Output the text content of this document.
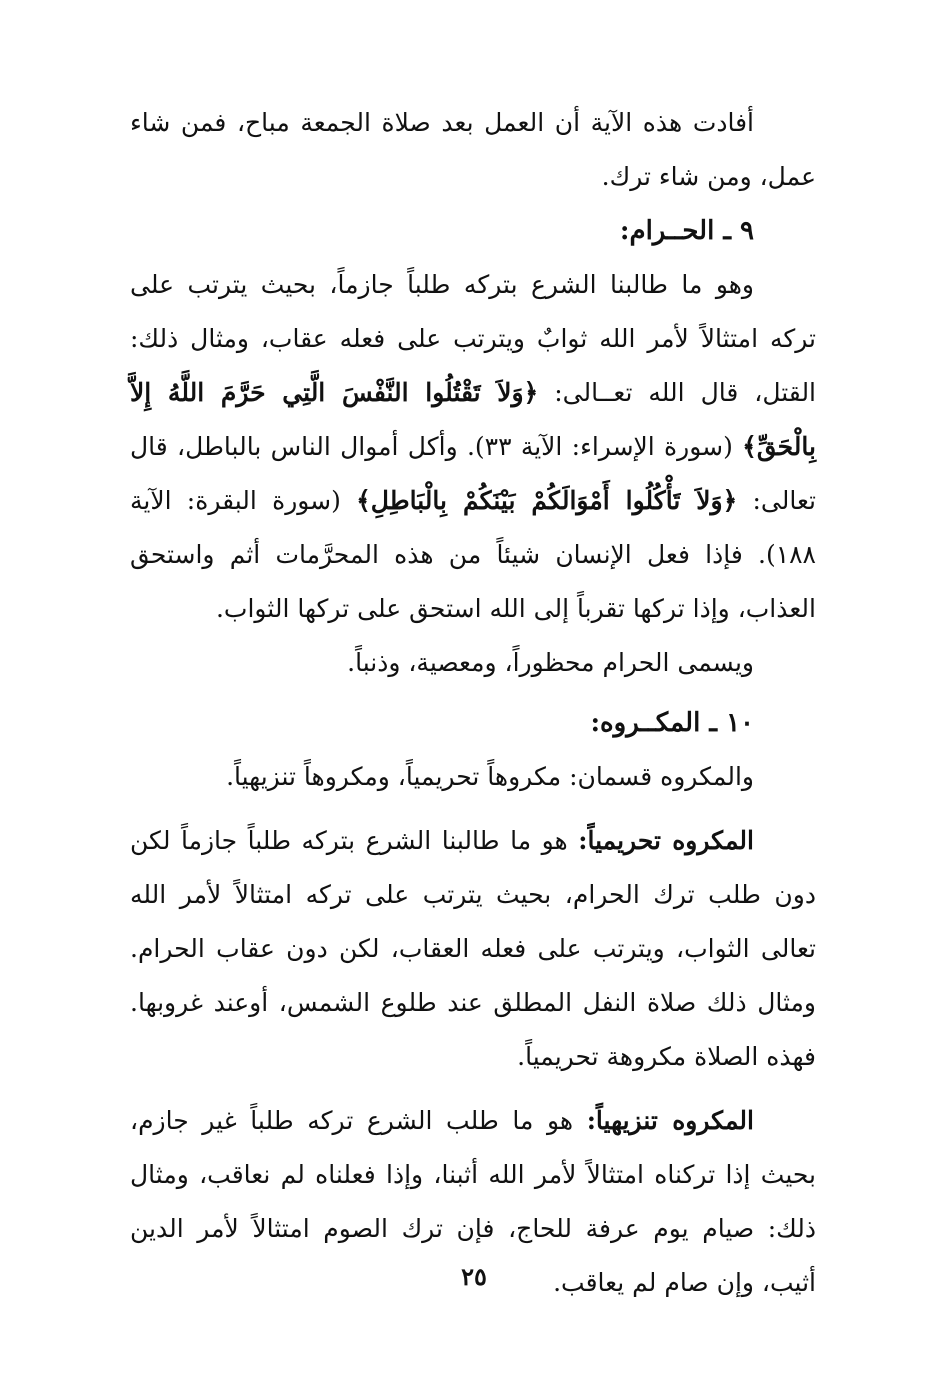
أفادت هذه الآية أن العمل بعد صلاة الجمعة مباح، فمن شاء عمل، ومن شاء ترك.

٩ ـ الحــرام:

وهو ما طالبنا الشرع بتركه طلباً جازماً، بحيث يترتب على تركه امتثالاً لأمر الله ثوابٌ ويترتب على فعله عقاب، ومثال ذلك: القتل، قال الله تعــالى: ﴿وَلاَ تَقْتُلُوا النَّفْسَ الَّتِي حَرَّمَ اللَّهُ إِلاَّ بِالْحَقِّ﴾ (سورة الإسراء: الآية ٣٣). وأكل أموال الناس بالباطل، قال تعالى: ﴿وَلاَ تَأْكُلُوا أَمْوَالَكُمْ بَيْنَكُمْ بِالْبَاطِلِ﴾ (سورة البقرة: الآية ١٨٨). فإذا فعل الإنسان شيئاً من هذه المحرَّمات أثم واستحق العذاب، وإذا تركها تقرباً إلى الله استحق على تركها الثواب.

ويسمى الحرام محظوراً، ومعصية، وذنباً.

١٠ ـ المكــروه:

والمكروه قسمان: مكروهاً تحريمياً، ومكروهاً تنزيهياً.

المكروه تحريمياً: هو ما طالبنا الشرع بتركه طلباً جازماً لكن دون طلب ترك الحرام، بحيث يترتب على تركه امتثالاً لأمر الله تعالى الثواب، ويترتب على فعله العقاب، لكن دون عقاب الحرام. ومثال ذلك صلاة النفل المطلق عند طلوع الشمس، أوعند غروبها. فهذه الصلاة مكروهة تحريمياً.

المكروه تنزيهياً: هو ما طلب الشرع تركه طلباً غير جازم، بحيث إذا تركناه امتثالاً لأمر الله أثبنا، وإذا فعلناه لم نعاقب، ومثال ذلك: صيام يوم عرفة للحاج، فإن ترك الصوم امتثالاً لأمر الدين أثيب، وإن صام لم يعاقب.

٢٥
